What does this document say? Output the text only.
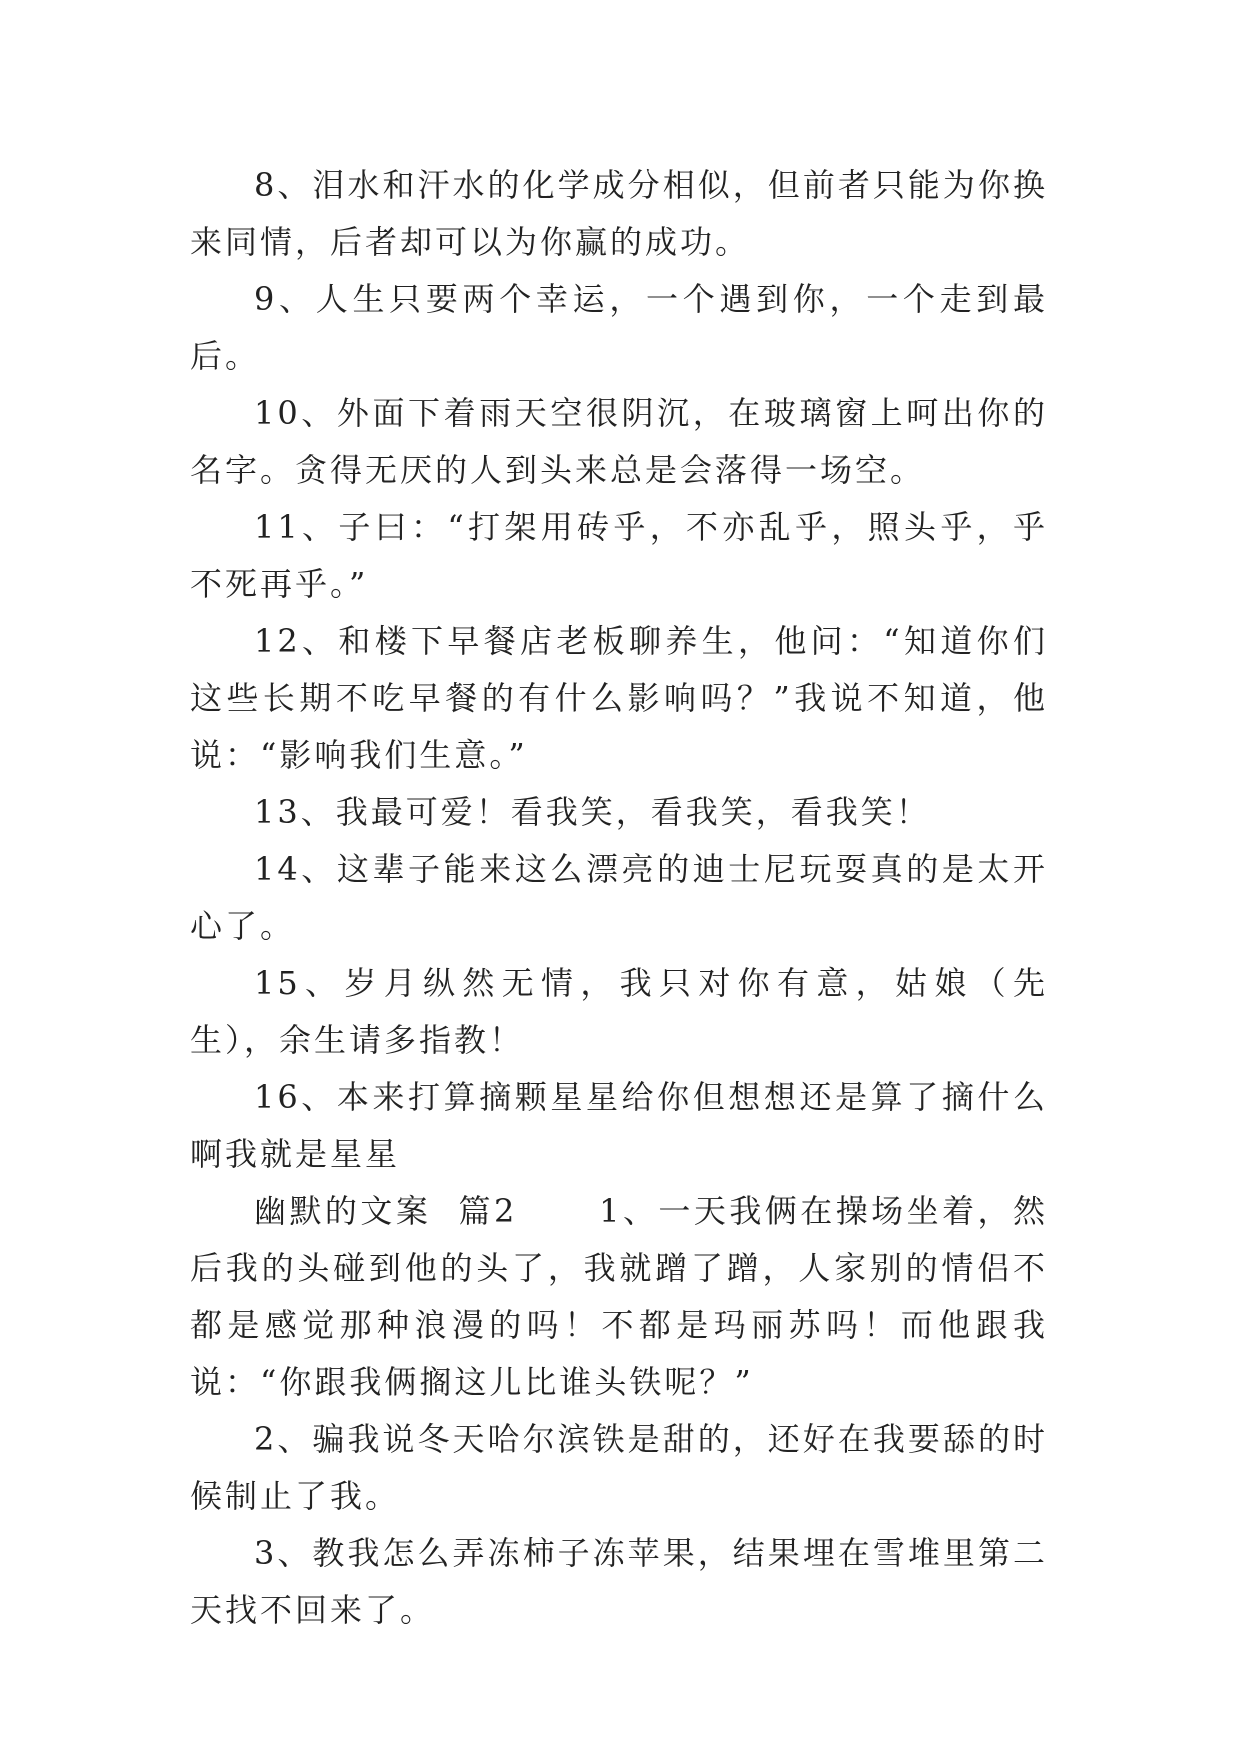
8、泪水和汗水的化学成分相似，但前者只能为你换来同情，后者却可以为你赢的成功。

9、人生只要两个幸运，一个遇到你，一个走到最后。

10、外面下着雨天空很阴沉，在玻璃窗上呵出你的名字。贪得无厌的人到头来总是会落得一场空。

11、子曰：“打架用砖乎，不亦乱乎，照头乎，乎不死再乎。”

12、和楼下早餐店老板聊养生，他问：“知道你们这些长期不吃早餐的有什么影响吗？”我说不知道，他说：“影响我们生意。”

13、我最可爱！看我笑，看我笑，看我笑！

14、这辈子能来这么漂亮的迪士尼玩耍真的是太开心了。

15、岁月纵然无情，我只对你有意，姑娘（先生），余生请多指教！

16、本来打算摘颗星星给你但想想还是算了摘什么啊我就是星星

幽默的文案  篇2      1、一天我俩在操场坐着，然后我的头碰到他的头了，我就蹭了蹭，人家别的情侣不都是感觉那种浪漫的吗！不都是玛丽苏吗！而他跟我说：“你跟我俩搁这儿比谁头铁呢？”

2、骗我说冬天哈尔滨铁是甜的，还好在我要舔的时候制止了我。

3、教我怎么弄冻柿子冻苹果，结果埋在雪堆里第二天找不回来了。
